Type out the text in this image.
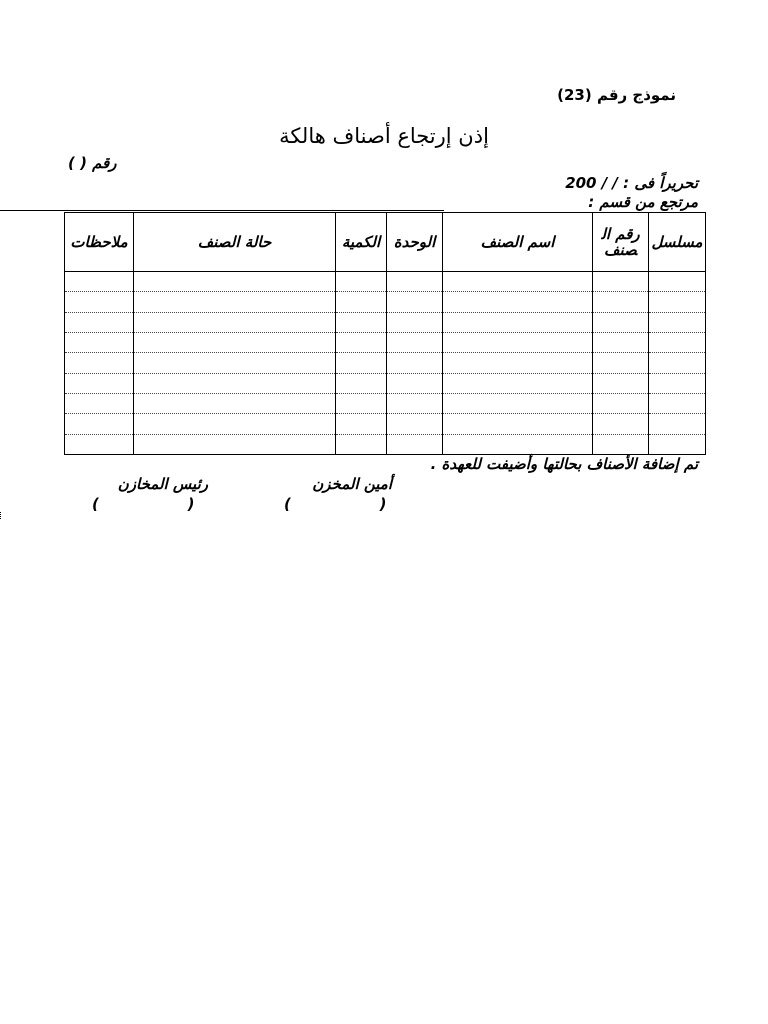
نموذج رقم (23)
إذن إرتجاع أصناف هالكة
رقم ( )
تحريراً فى : / / 200
مرتجع من قسم :
مسلسل	رقم الصنف	اسم الصنف	الوحدة	الكمية	حالة الصنف	ملاحظات

تم إضافة الأصناف بحالتها وأضيفت للعهدة .
أمين المخزن
رئيس المخازن
(                 )
(                 )
